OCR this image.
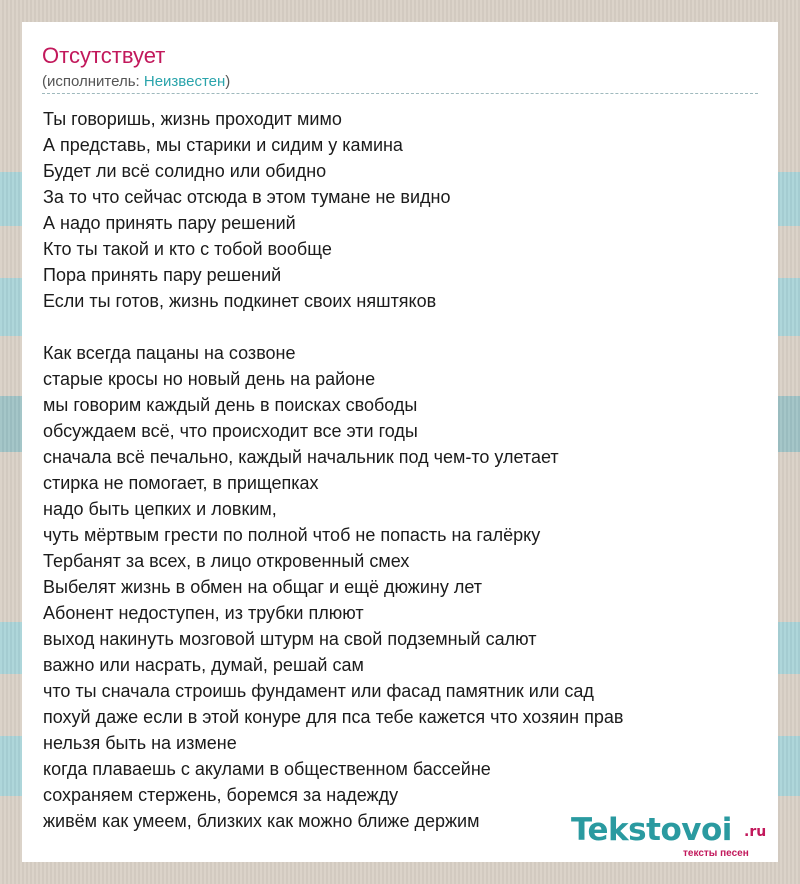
Отсутствует
(исполнитель: Неизвестен)
Ты говоришь, жизнь проходит мимо
А представь, мы старики и сидим у камина
Будет ли всё солидно или обидно
За то что сейчас отсюда в этом тумане не видно
А надо принять пару решений
Кто ты такой и кто с тобой вообще
Пора принять пару решений
Если ты готов, жизнь подкинет своих няштяков
Как всегда пацаны на созвоне
старые кросы но новый день на районе
мы говорим каждый день в поисках свободы
обсуждаем всё, что происходит все эти годы
сначала всё печально, каждый начальник под чем-то улетает
стирка не помогает, в прищепках
надо быть цепких и ловким,
чуть мёртвым грести по полной чтоб не попасть на галёрку
Тербанят за всех, в лицо откровенный смех
Выбелят жизнь в обмен на общаг и ещё дюжину лет
Абонент недоступен, из трубки плюют
выход накинуть мозговой штурм на свой подземный салют
важно или насрать, думай, решай сам
что ты сначала строишь фундамент или фасад памятник или сад
похуй даже если в этой конуре для пса тебе кажется что хозяин прав
нельзя быть на измене
когда плаваешь с акулами в общественном бассейне
сохраняем стержень, боремся за надежду
живём как умеем, близких как можно ближе держим	Tekstovoi .ru
тексты песен
